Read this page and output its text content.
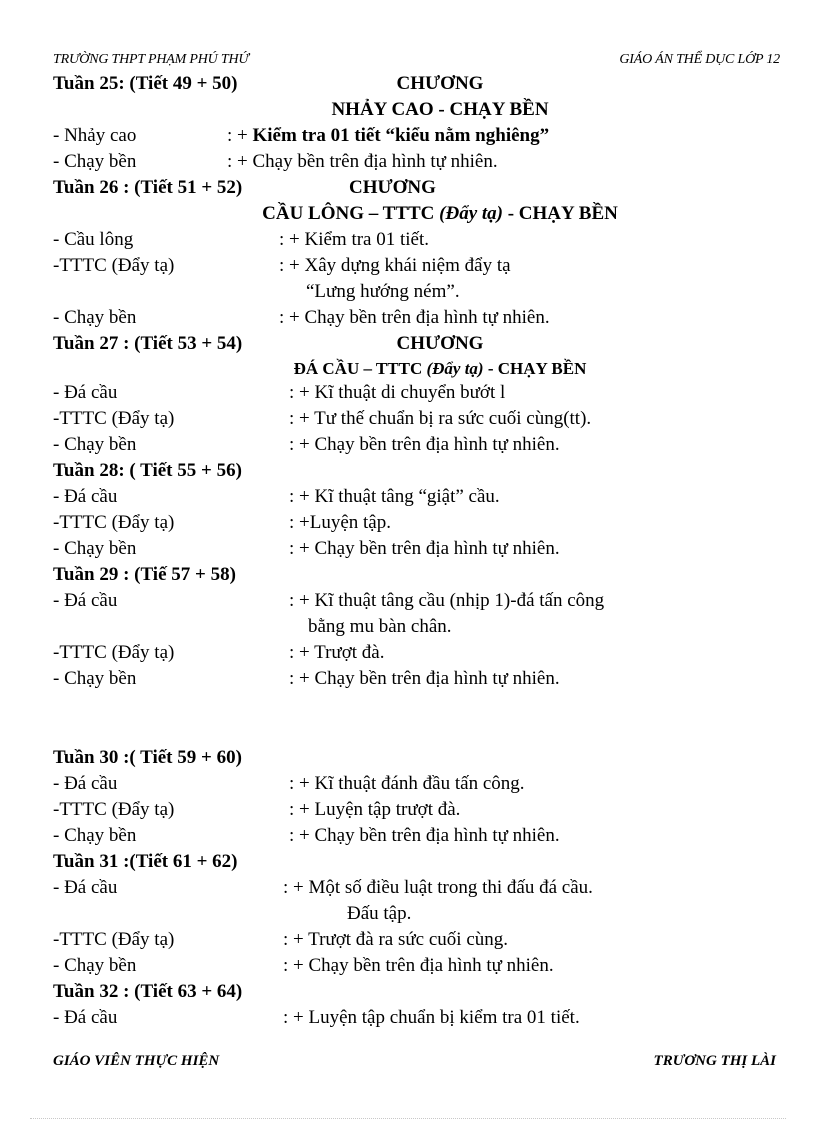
TRƯỜNG THPT PHẠM PHÚ THỨ	GIÁO ÁN THỂ DỤC LỚP 12
Tuần 25: (Tiết 49 + 50)	CHƯƠNG
NHẢY CAO - CHẠY BỀN
- Nhảy cao	: + Kiểm tra 01 tiết “kiểu nằm nghiêng”
- Chạy bền	: + Chạy bền trên địa hình tự nhiên.
Tuần 26 : (Tiết 51 + 52)	CHƯƠNG
CẦU LÔNG – TTTC (Đẩy tạ) - CHẠY BỀN
- Cầu lông	: + Kiểm tra 01 tiết.
-TTTC (Đẩy tạ)	: + Xây dựng khái niệm đẩy tạ
“Lưng hướng ném”.
- Chạy bền	: + Chạy bền trên địa hình tự nhiên.
Tuần 27 : (Tiết 53 + 54)	CHƯƠNG
ĐÁ CẦU – TTTC (Đẩy tạ) - CHẠY BỀN
- Đá cầu	: + Kĩ thuật di chuyển bướt l
-TTTC (Đẩy tạ)	: + Tư thế chuẩn bị ra sức cuối cùng(tt).
- Chạy bền	: + Chạy bền trên địa hình tự nhiên.
Tuần 28: ( Tiết 55 + 56)
- Đá cầu	: + Kĩ thuật tâng “giật” cầu.
-TTTC (Đẩy tạ)	: +Luyện tập.
- Chạy bền	: + Chạy bền trên địa hình tự nhiên.
Tuần 29 : (Tiế 57 + 58)
- Đá cầu	: + Kĩ thuật tâng cầu (nhịp 1)-đá tấn công
bằng mu bàn chân.
-TTTC (Đẩy tạ)	: + Trượt đà.
- Chạy bền	: + Chạy bền trên địa hình tự nhiên.
Tuần 30 :( Tiết 59 + 60)
- Đá cầu	: + Kĩ thuật đánh đầu tấn công.
-TTTC (Đẩy tạ)	: + Luyện tập trượt đà.
- Chạy bền	: + Chạy bền trên địa hình tự nhiên.
Tuần 31 :(Tiết 61 + 62)
- Đá cầu	: + Một số điều luật trong thi đấu đá cầu.
Đấu tập.
-TTTC (Đẩy tạ)	: + Trượt đà ra sức cuối cùng.
- Chạy bền	: + Chạy bền trên địa hình tự nhiên.
Tuần 32 : (Tiết 63 + 64)
- Đá cầu	: + Luyện tập chuẩn bị kiểm tra 01 tiết.
GIÁO VIÊN THỰC HIỆN	TRƯƠNG THỊ LÀI
